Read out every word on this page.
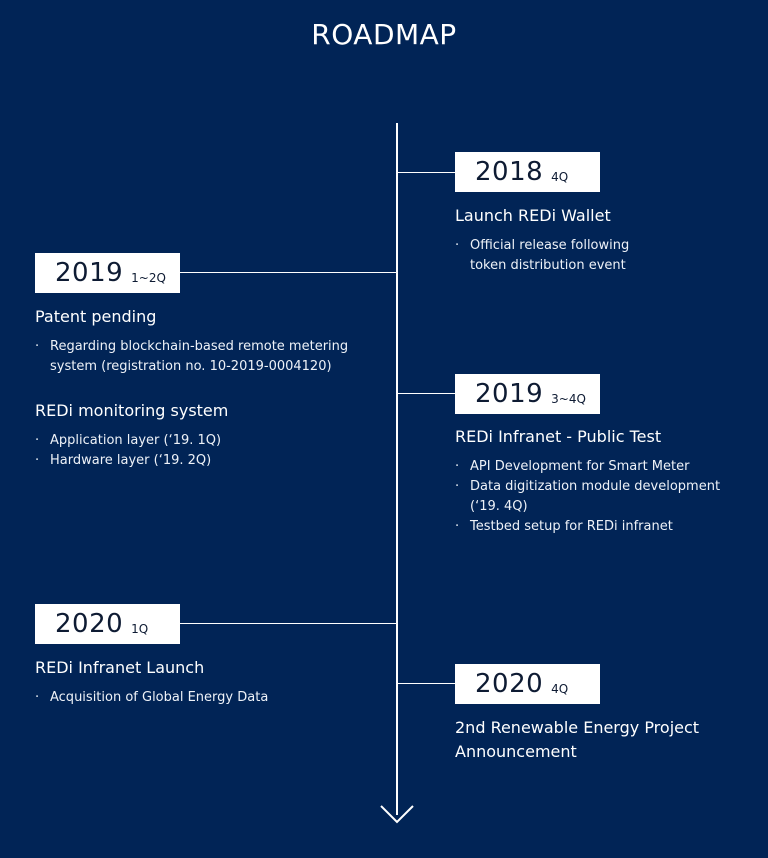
ROADMAP
2018 4Q
Launch REDi Wallet
· Official release following token distribution event
2019 1~2Q
Patent pending
· Regarding blockchain-based remote metering system (registration no. 10-2019-0004120)
REDi monitoring system
· Application layer (‘19. 1Q)
· Hardware layer (‘19. 2Q)
2019 3~4Q
REDi Infranet - Public Test
· API Development for Smart Meter
· Data digitization module development (‘19. 4Q)
· Testbed setup for REDi infranet
2020 1Q
REDi Infranet Launch
· Acquisition of Global Energy Data	2020 4Q
2nd Renewable Energy Project Announcement
